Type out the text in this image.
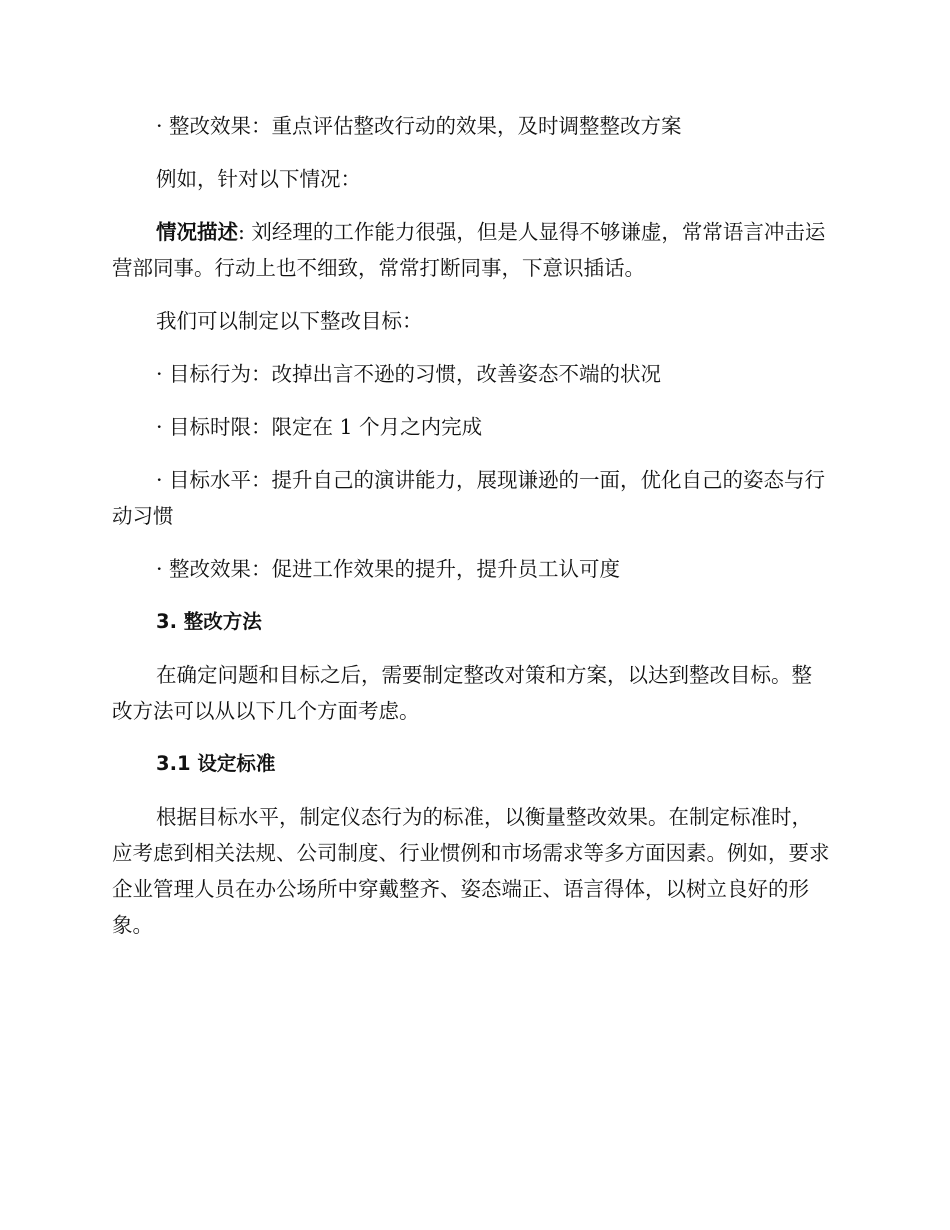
· 整改效果：重点评估整改行动的效果，及时调整整改方案

例如，针对以下情况：

情况描述: 刘经理的工作能力很强，但是人显得不够谦虚，常常语言冲击运营部同事。行动上也不细致，常常打断同事，下意识插话。

我们可以制定以下整改目标：

· 目标行为：改掉出言不逊的习惯，改善姿态不端的状况

· 目标时限：限定在 1 个月之内完成

· 目标水平：提升自己的演讲能力，展现谦逊的一面，优化自己的姿态与行动习惯

· 整改效果：促进工作效果的提升，提升员工认可度

3. 整改方法

在确定问题和目标之后，需要制定整改对策和方案，以达到整改目标。整改方法可以从以下几个方面考虑。

3.1 设定标准

根据目标水平，制定仪态行为的标准，以衡量整改效果。在制定标准时，应考虑到相关法规、公司制度、行业惯例和市场需求等多方面因素。例如，要求企业管理人员在办公场所中穿戴整齐、姿态端正、语言得体，以树立良好的形象。
